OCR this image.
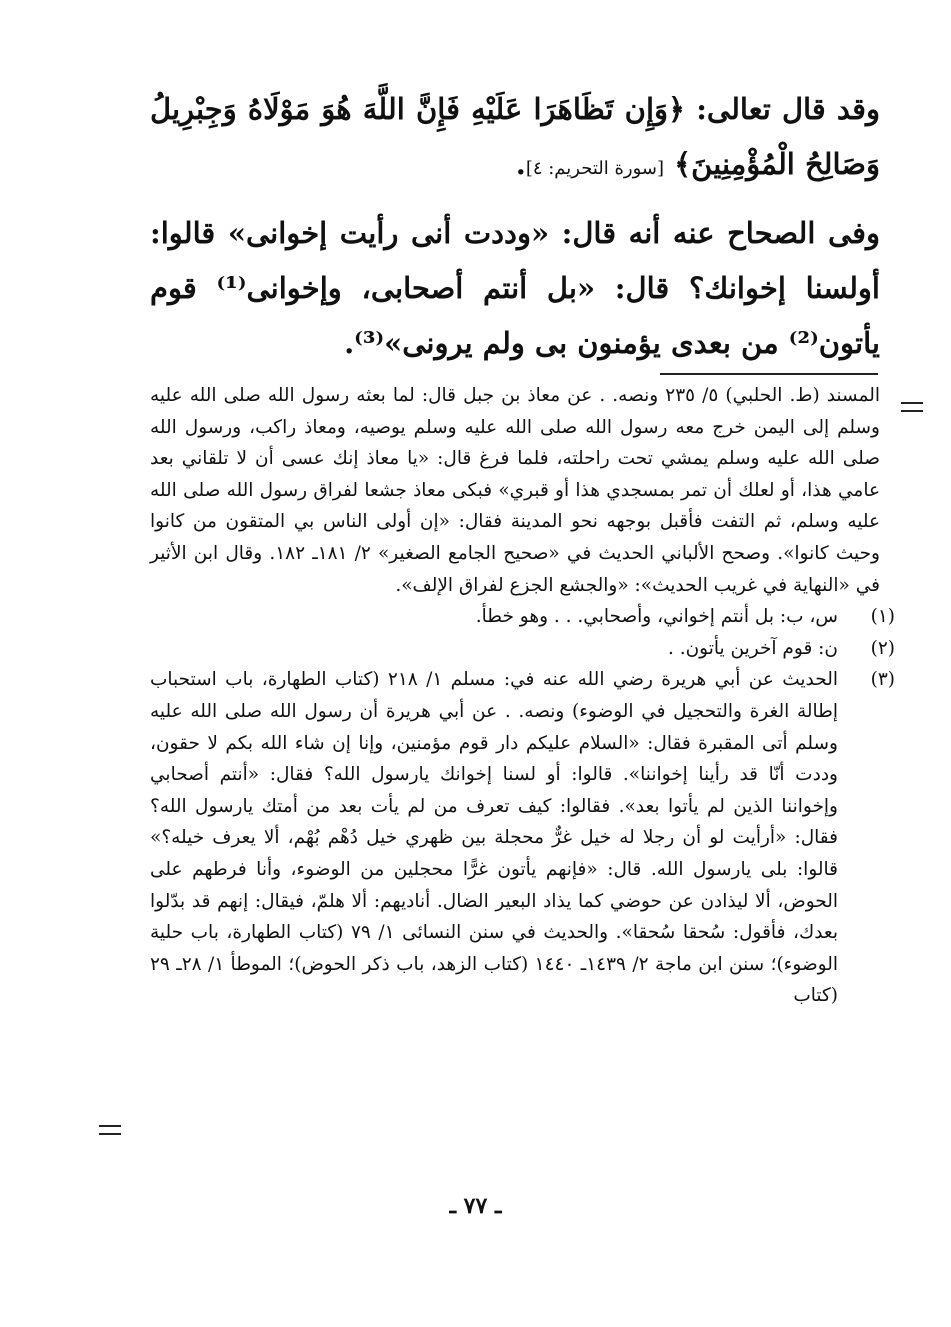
وقد قال تعالى: ﴿وَإِن تَظَاهَرَا عَلَيْهِ فَإِنَّ اللَّهَ هُوَ مَوْلَاهُ وَجِبْرِيلُ وَصَالِحُ الْمُؤْمِنِينَ﴾ [سورة التحريم: ٤].

وفى الصحاح عنه أنه قال: «وددت أنى رأيت إخوانى» قالوا: أولسنا إخوانك؟ قال: «بل أنتم أصحابى، وإخوانى⁽¹⁾ قوم يأتون⁽²⁾ من بعدى يؤمنون بى ولم يرونى»⁽³⁾.

المسند (ط. الحلبي) ٥/ ٢٣٥ ونصه. . عن معاذ بن جبل قال: لما بعثه رسول الله صلى الله عليه وسلم إلى اليمن خرج معه رسول الله صلى الله عليه وسلم يوصيه، ومعاذ راكب، ورسول الله صلى الله عليه وسلم يمشي تحت راحلته، فلما فرغ قال: «يا معاذ إنك عسى أن لا تلقاني بعد عامي هذا، أو لعلك أن تمر بمسجدي هذا أو قبري» فبكى معاذ جشعا لفراق رسول الله صلى الله عليه وسلم، ثم التفت فأقبل بوجهه نحو المدينة فقال: «إن أولى الناس بي المتقون من كانوا وحيث كانوا». وصحح الألباني الحديث في «صحيح الجامع الصغير» ٢/ ١٨١ـ ١٨٢. وقال ابن الأثير في «النهاية في غريب الحديث»: «والجشع الجزع لفراق الإلف».

(١)
س، ب: بل أنتم إخواني، وأصحابي. . . وهو خطأ.
(٢)
ن: قوم آخرين يأتون. .
(٣)
الحديث عن أبي هريرة رضي الله عنه في: مسلم ١/ ٢١٨ (كتاب الطهارة، باب استحباب إطالة الغرة والتحجيل في الوضوء) ونصه. . عن أبي هريرة أن رسول الله صلى الله عليه وسلم أتى المقبرة فقال: «السلام عليكم دار قوم مؤمنين، وإنا إن شاء الله بكم لا حقون، وددت أنّا قد رأينا إخواننا». قالوا: أو لسنا إخوانك يارسول الله؟ فقال: «أنتم أصحابي وإخواننا الذين لم يأتوا بعد». فقالوا: كيف تعرف من لم يأت بعد من أمتك يارسول الله؟ فقال: «أرأيت لو أن رجلا له خيل غرٌّ محجلة بين ظهري خيل دُهْم بُهْم، ألا يعرف خيله؟» قالوا: بلى يارسول الله. قال: «فإنهم يأتون غرًّا محجلين من الوضوء، وأنا فرطهم على الحوض، ألا ليذادن عن حوضي كما يذاد البعير الضال. أناديهم: ألا هلمّ، فيقال: إنهم قد بدّلوا بعدك، فأقول: سُحقا سُحقا». والحديث في سنن النسائى ١/ ٧٩ (كتاب الطهارة، باب حلية الوضوء)؛ سنن ابن ماجة ٢/ ١٤٣٩ـ ١٤٤٠ (كتاب الزهد، باب ذكر الحوض)؛ الموطأ ١/ ٢٨ـ ٢٩ (كتاب
ـ ٧٧ ـ
